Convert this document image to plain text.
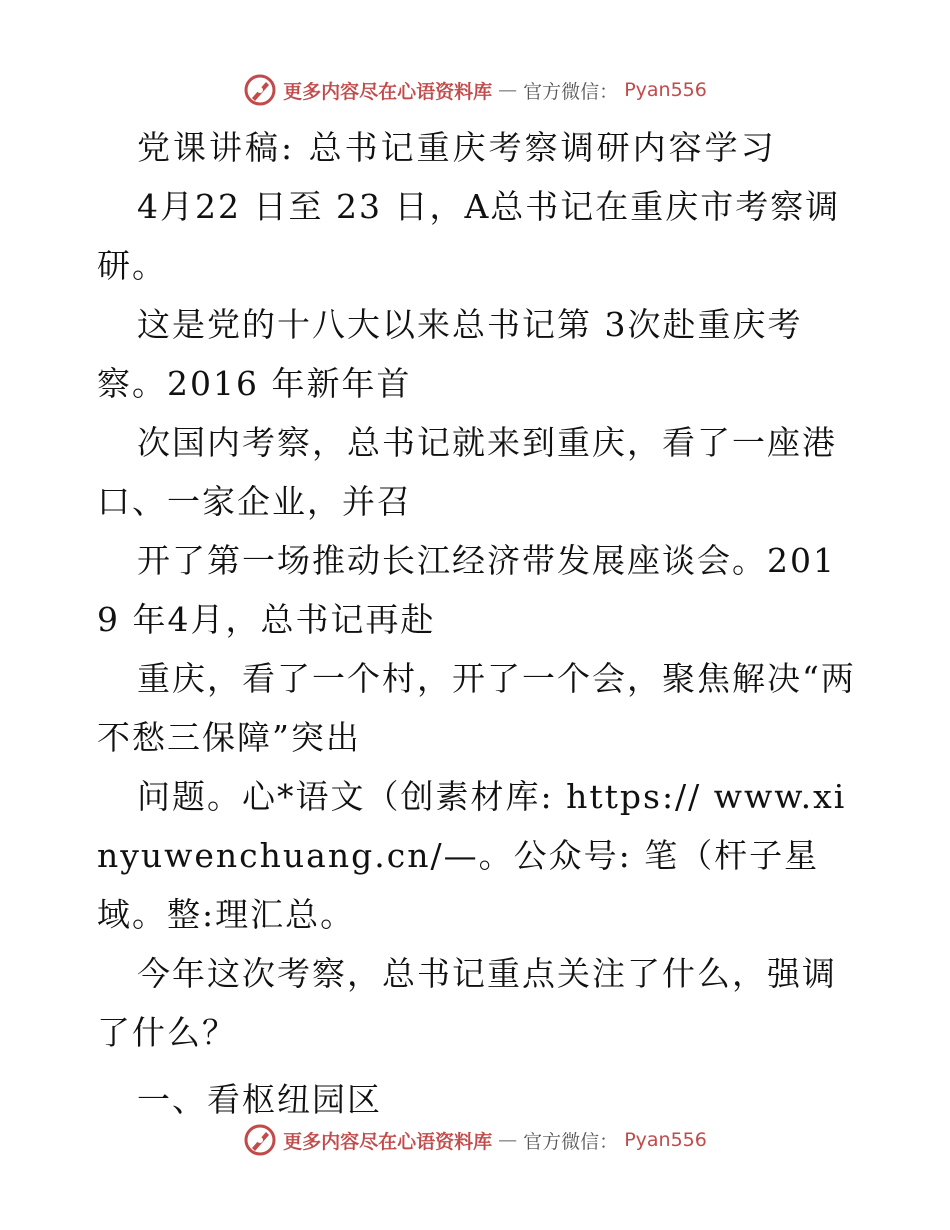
更多内容尽在心语资料库 — 官方微信： Pyan556

党课讲稿: 总书记重庆考察调研内容学习

4月22 日至 23 日，A总书记在重庆市考察调研。

这是党的十八大以来总书记第 3次赴重庆考察。2016 年新年首

次国内考察，总书记就来到重庆，看了一座港口、一家企业，并召

开了第一场推动长江经济带发展座谈会。2019 年4月，总书记再赴

重庆，看了一个村，开了一个会，聚焦解决“两不愁三保障”突出

问题。心*语文（创素材库: https:// www.xinyuwenchuang.cn/—。公众号: 笔（杆子星域。整:理汇总。

今年这次考察，总书记重点关注了什么，强调了什么？

一、看枢纽园区

更多内容尽在心语资料库 — 官方微信： Pyan556
